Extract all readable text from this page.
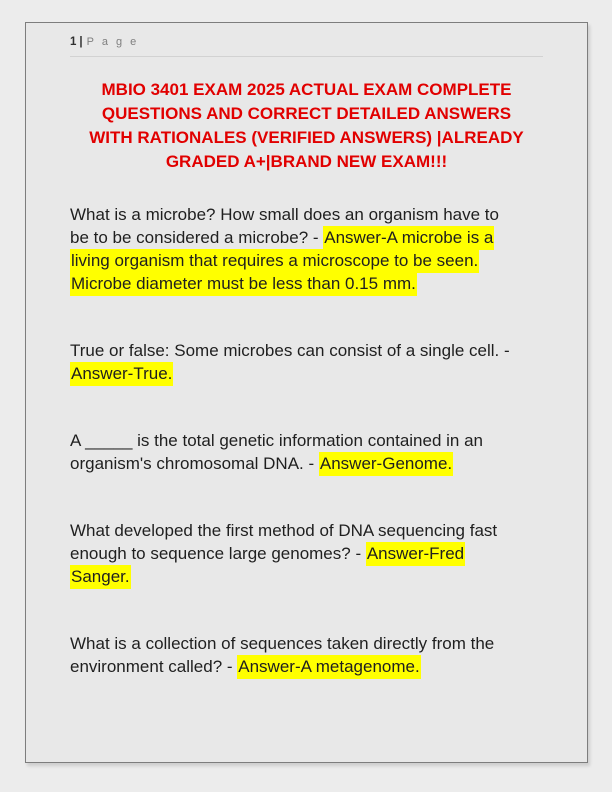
1 | P a g e
MBIO 3401 EXAM 2025 ACTUAL EXAM COMPLETE
QUESTIONS AND CORRECT DETAILED ANSWERS
WITH RATIONALES (VERIFIED ANSWERS) |ALREADY
GRADED A+|BRAND NEW EXAM!!!
What is a microbe? How small does an organism have to
be to be considered a microbe? - Answer-A microbe is a
living organism that requires a microscope to be seen.
Microbe diameter must be less than 0.15 mm.
True or false: Some microbes can consist of a single cell. -
Answer-True.
A _____ is the total genetic information contained in an
organism's chromosomal DNA. - Answer-Genome.
What developed the first method of DNA sequencing fast
enough to sequence large genomes? - Answer-Fred
Sanger.
What is a collection of sequences taken directly from the
environment called? - Answer-A metagenome.
